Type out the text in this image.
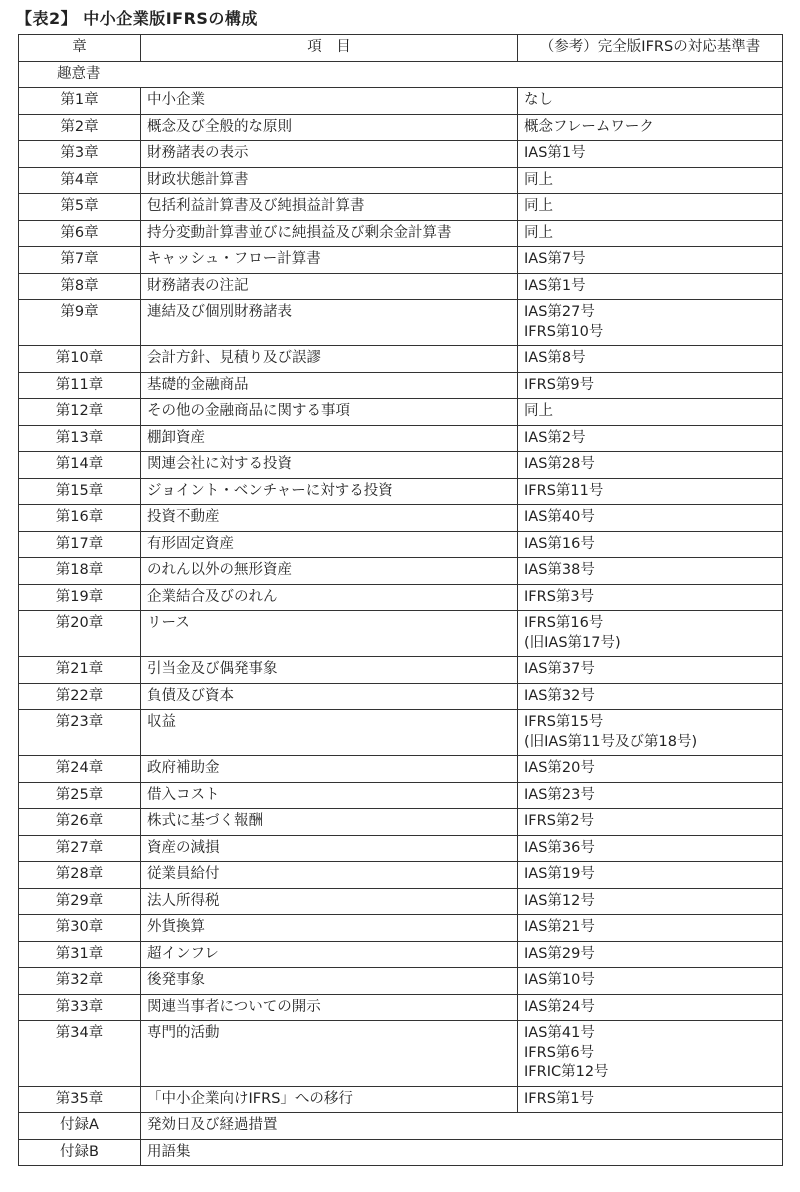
【表2】 中小企業版IFRSの構成
章	項　目	（参考）完全版IFRSの対応基準書
趣意書		
第1章	中小企業	なし

第2章	概念及び全般的な原則	概念フレームワーク

第3章	財務諸表の表示	IAS第1号

第4章	財政状態計算書	同上

第5章	包括利益計算書及び純損益計算書	同上

第6章	持分変動計算書並びに純損益及び剰余金計算書	同上

第7章	キャッシュ・フロー計算書	IAS第7号

第8章	財務諸表の注記	IAS第1号

第9章	連結及び個別財務諸表	IAS第27号
IFRS第10号

第10章	会計方針、見積り及び誤謬	IAS第8号

第11章	基礎的金融商品	IFRS第9号

第12章	その他の金融商品に関する事項	同上

第13章	棚卸資産	IAS第2号

第14章	関連会社に対する投資	IAS第28号

第15章	ジョイント・ベンチャーに対する投資	IFRS第11号

第16章	投資不動産	IAS第40号

第17章	有形固定資産	IAS第16号

第18章	のれん以外の無形資産	IAS第38号

第19章	企業結合及びのれん	IFRS第3号

第20章	リース	IFRS第16号
(旧IAS第17号)

第21章	引当金及び偶発事象	IAS第37号

第22章	負債及び資本	IAS第32号

第23章	収益	IFRS第15号
(旧IAS第11号及び第18号)

第24章	政府補助金	IAS第20号

第25章	借入コスト	IAS第23号

第26章	株式に基づく報酬	IFRS第2号

第27章	資産の減損	IAS第36号

第28章	従業員給付	IAS第19号

第29章	法人所得税	IAS第12号

第30章	外貨換算	IAS第21号

第31章	超インフレ	IAS第29号

第32章	後発事象	IAS第10号

第33章	関連当事者についての開示	IAS第24号

第34章	専門的活動	IAS第41号
IFRS第6号
IFRIC第12号

第35章	「中小企業向けIFRS」への移行	IFRS第1号

付録A	発効日及び経過措置	
付録B	用語集	
